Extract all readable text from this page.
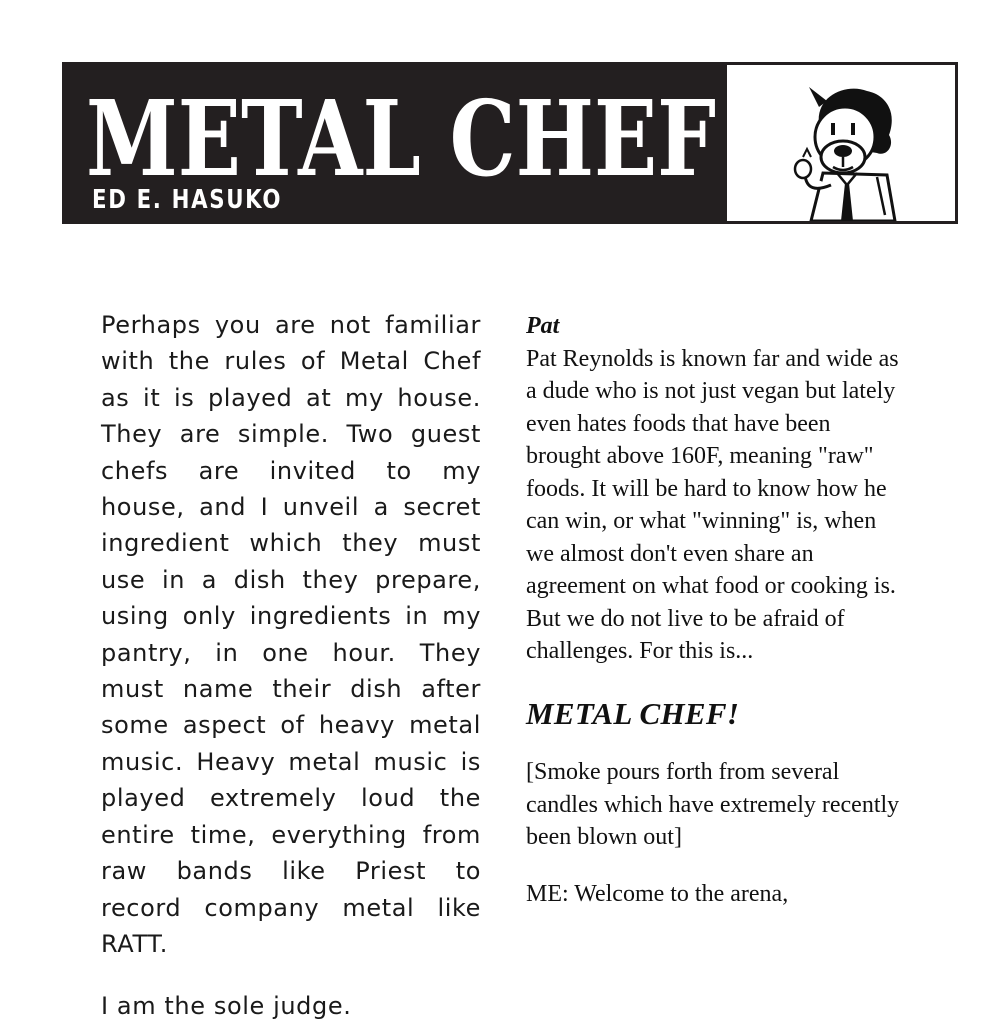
METAL CHEF
ED E. HASUKO

Perhaps you are not familiar with the rules of Metal Chef as it is played at my house. They are simple. Two guest chefs are invited to my house, and I unveil a secret ingredient which they must use in a dish they prepare, using only ingredients in my pantry, in one hour. They must name their dish after some aspect of heavy metal music. Heavy metal music is played extremely loud the entire time, everything from raw bands like Priest to record company metal like RATT.

I am the sole judge.

Pat

Pat Reynolds is known far and wide as a dude who is not just vegan but lately even hates foods that have been brought above 160F, meaning "raw" foods. It will be hard to know how he can win, or what "winning" is, when we almost don't even share an agreement on what food or cooking is. But we do not live to be afraid of challenges. For this is...

METAL CHEF!

[Smoke pours forth from several candles which have extremely recently been blown out]

ME: Welcome to the arena,
